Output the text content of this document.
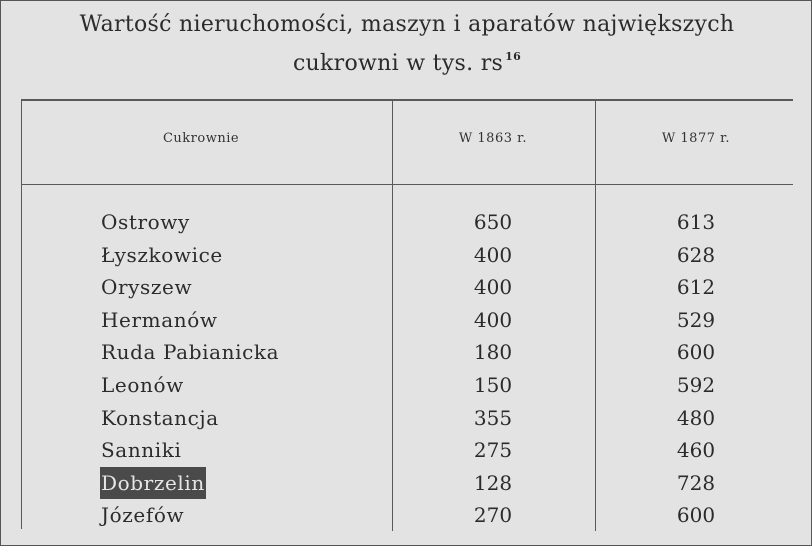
Wartość nieruchomości, maszyn i aparatów największych
cukrowni w tys. rs $^{16}$
Cukrownie	W 1863 r.	W 1877 r.
Ostrowy	650	613
Łyszkowice	400	628
Oryszew	400	612
Hermanów	400	529
Ruda Pabianicka	180	600
Leonów	150	592
Konstancja	355	480
Sanniki	275	460
Dobrzelin	128	728
Józefów	270	600
